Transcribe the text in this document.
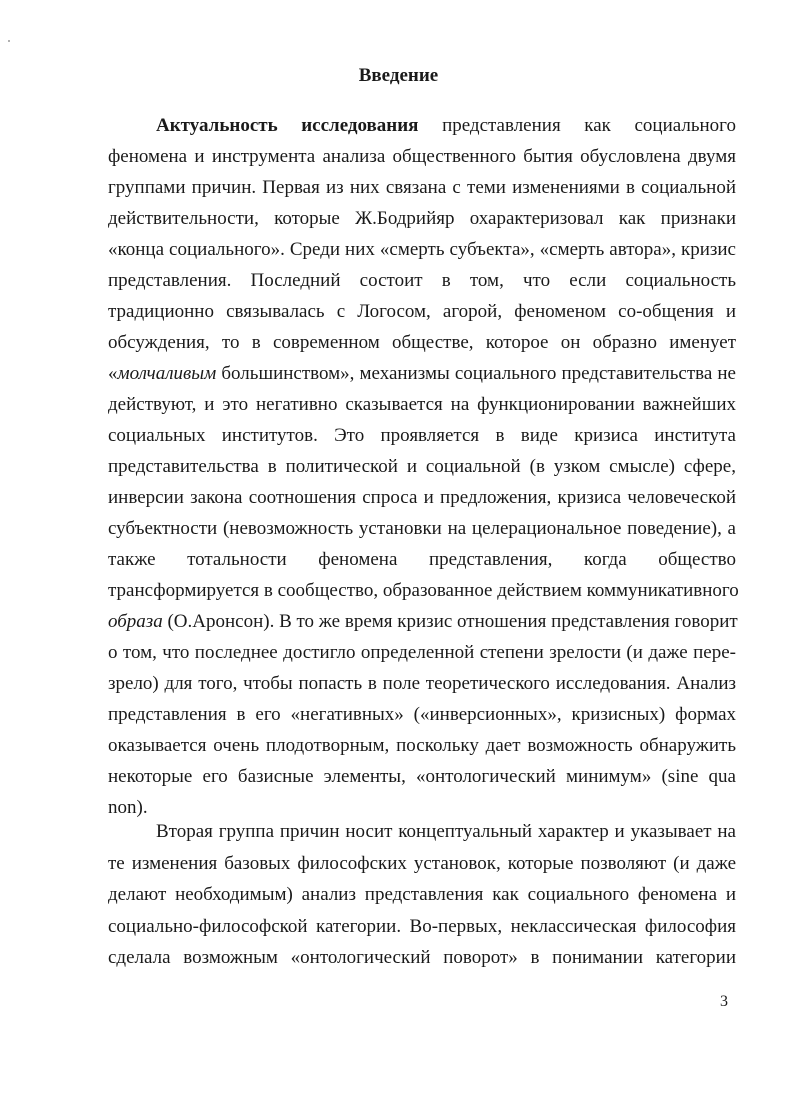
Введение
Актуальность исследования представления как социального
феномена и инструмента анализа общественного бытия обусловлена двумя
группами причин. Первая из них связана с теми изменениями в социальной
действительности, которые Ж.Бодрийяр охарактеризовал как признаки
«конца социального». Среди них «смерть субъекта», «смерть автора», кризис
представления. Последний состоит в том, что если социальность
традиционно связывалась с Логосом, агорой, феноменом со-общения и
обсуждения, то в современном обществе, которое он образно именует
«молчаливым большинством», механизмы социального представительства не
действуют, и это негативно сказывается на функционировании важнейших
социальных институтов. Это проявляется в виде кризиса института
представительства в политической и социальной (в узком смысле) сфере,
инверсии закона соотношения спроса и предложения, кризиса человеческой
субъектности (невозможность установки на целерациональное поведение), а
также тотальности феномена представления, когда общество
трансформируется в сообщество, образованное действием коммуникативного
образа (О.Аронсон). В то же время кризис отношения представления говорит
о том, что последнее достигло определенной степени зрелости (и даже пере-
зрело) для того, чтобы попасть в поле теоретического исследования. Анализ
представления в его «негативных» («инверсионных», кризисных) формах
оказывается очень плодотворным, поскольку дает возможность обнаружить
некоторые его базисные элементы, «онтологический минимум» (sine qua
non).
Вторая группа причин носит концептуальный характер и указывает на
те изменения базовых философских установок, которые позволяют (и даже
делают необходимым) анализ представления как социального феномена и
социально-философской категории. Во-первых, неклассическая философия
сделала возможным «онтологический поворот» в понимании категории
3
